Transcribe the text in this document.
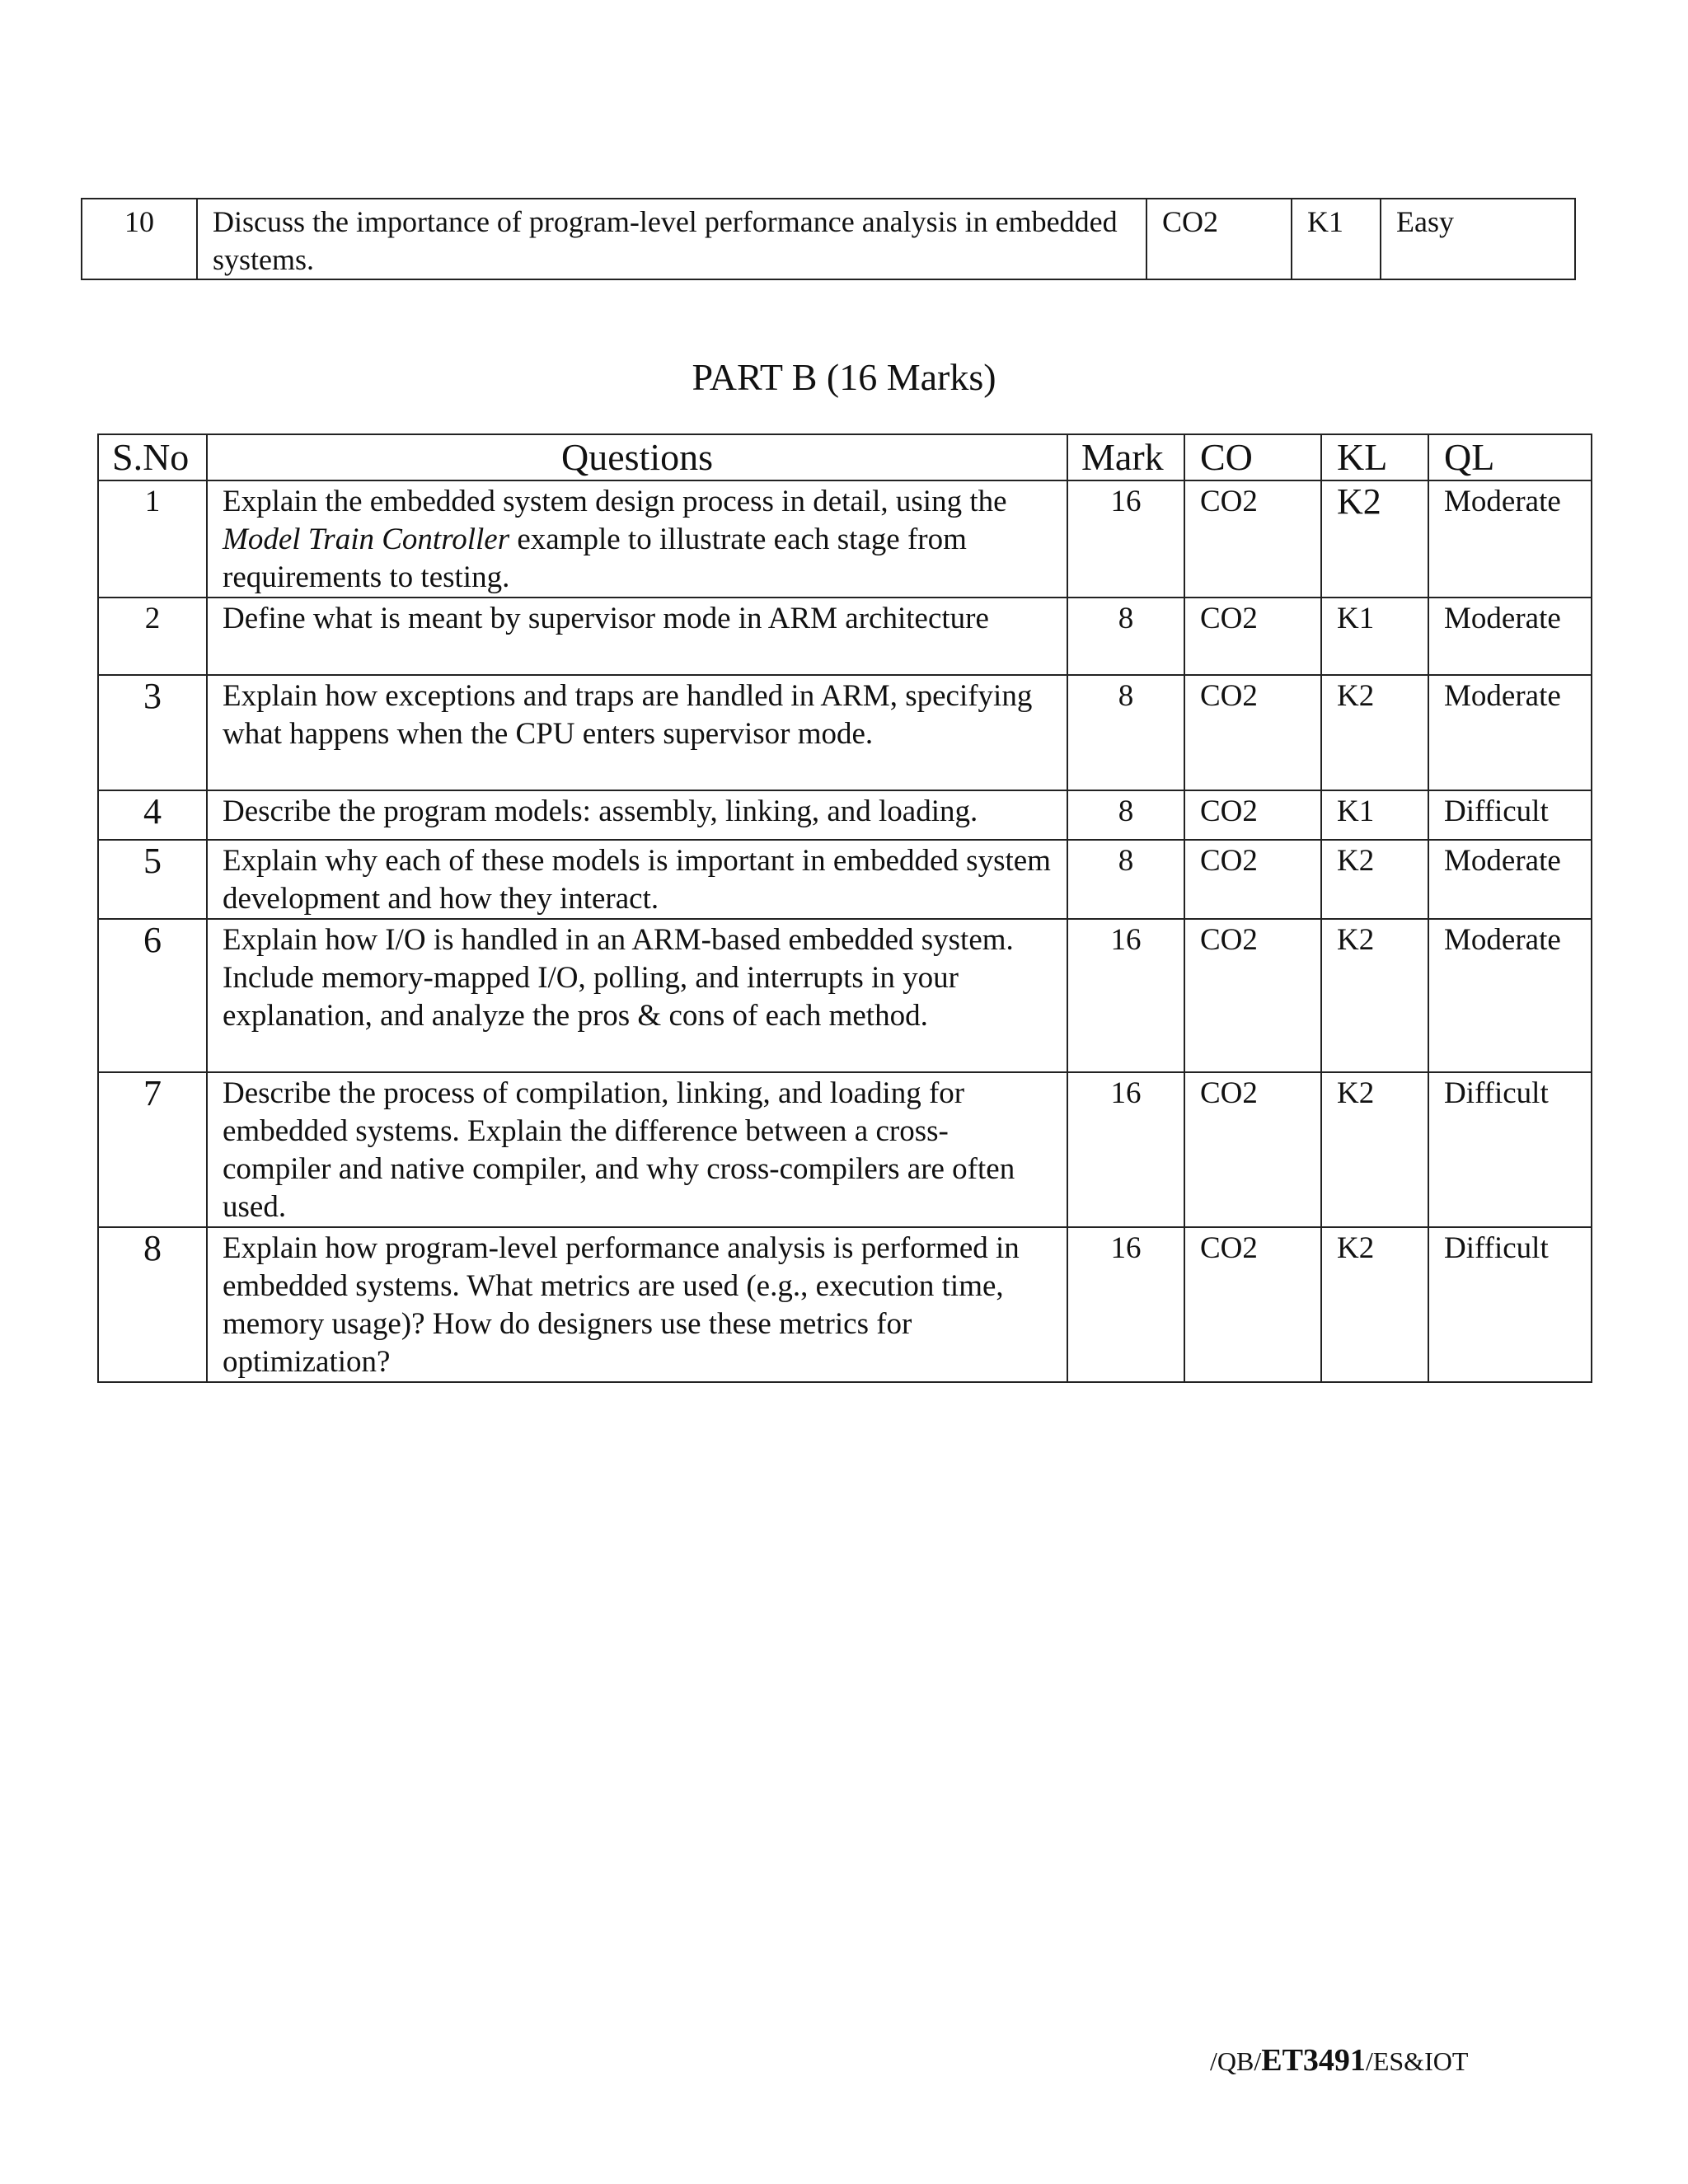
10	Discuss the importance of program-level performance analysis in embedded systems.	CO2	K1	Easy
PART B (16 Marks)
S.No	Questions	Mark	CO	KL	QL
1	Explain the embedded system design process in detail, using the Model Train Controller example to illustrate each stage from requirements to testing.	16	CO2	K2	Moderate
2	Define what is meant by supervisor mode in ARM architecture	8	CO2	K1	Moderate
3	Explain how exceptions and traps are handled in ARM, specifying what happens when the CPU enters supervisor mode.	8	CO2	K2	Moderate
4	Describe the program models: assembly, linking, and loading.	8	CO2	K1	Difficult
5	Explain why each of these models is important in embedded system development and how they interact.	8	CO2	K2	Moderate
6	Explain how I/O is handled in an ARM-based embedded system. Include memory-mapped I/O, polling, and interrupts in your explanation, and analyze the pros & cons of each method.	16	CO2	K2	Moderate
7	Describe the process of compilation, linking, and loading for embedded systems. Explain the difference between a cross-compiler and native compiler, and why cross-compilers are often used.	16	CO2	K2	Difficult
8	Explain how program-level performance analysis is performed in embedded systems. What metrics are used (e.g., execution time, memory usage)? How do designers use these metrics for optimization?	16	CO2	K2	Difficult
/QB/ET3491/ES&IOT
